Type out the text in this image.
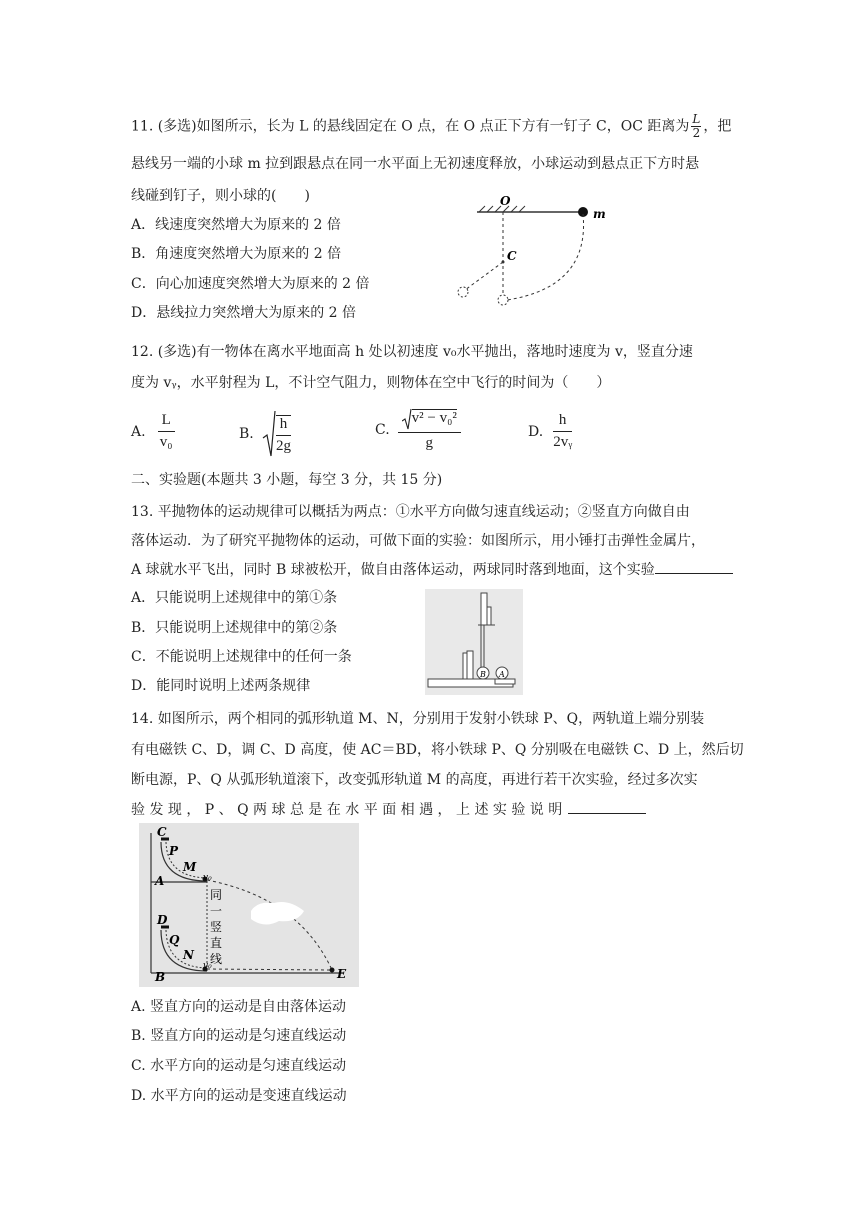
11. (多选)如图所示，长为 L 的悬线固定在 O 点，在 O 点正下方有一钉子 C，OC 距离为 $\frac{L}{2}$ ，把
悬线另一端的小球 m 拉到跟悬点在同一水平面上无初速度释放，小球运动到悬点正下方时悬
线碰到钉子，则小球的(　　)
A．线速度突然增大为原来的 2 倍
B．角速度突然增大为原来的 2 倍
C．向心加速度突然增大为原来的 2 倍
D．悬线拉力突然增大为原来的 2 倍
O
m
C
12. (多选)有一物体在离水平地面高 h 处以初速度 v₀水平抛出，落地时速度为 v，竖直分速
度为 vᵧ，水平射程为 L，不计空气阻力，则物体在空中飞行的时间为（　　）
A. $\frac{L}{\text{v₀}}$	B. $\frac{h}{2g}$	C. $\frac{\text{v² − v₀²}}{g}$	D. $\frac{h}{\text{2vᵧ}}$
二、实验题(本题共 3 小题，每空 3 分，共 15 分)
13. 平抛物体的运动规律可以概括为两点：①水平方向做匀速直线运动；②竖直方向做自由
落体运动．为了研究平抛物体的运动，可做下面的实验：如图所示，用小锤打击弹性金属片，
A 球就水平飞出，同时 B 球被松开，做自由落体运动，两球同时落到地面，这个实验
A．只能说明上述规律中的第①条
B．只能说明上述规律中的第②条
C．不能说明上述规律中的任何一条
D．能同时说明上述两条规律
B A
14. 如图所示，两个相同的弧形轨道 M、N，分别用于发射小铁球 P、Q，两轨道上端分别装
有电磁铁 C、D，调 C、D 高度，使 AC＝BD，将小铁球 P、Q 分别吸在电磁铁 C、D 上，然后切
断电源，P、Q 从弧形轨道滚下，改变弧形轨道 M 的高度，再进行若干次实验，经过多次实
验 发 现 ， P 、 Q 两 球 总 是 在 水 平 面 相 遇 ， 上 述 实 验 说 明
C
P
M
v₀
A
D
Q
N
v₀
B	E
同
一
竖
直
线
A. 竖直方向的运动是自由落体运动
B. 竖直方向的运动是匀速直线运动
C. 水平方向的运动是匀速直线运动
D. 水平方向的运动是变速直线运动
